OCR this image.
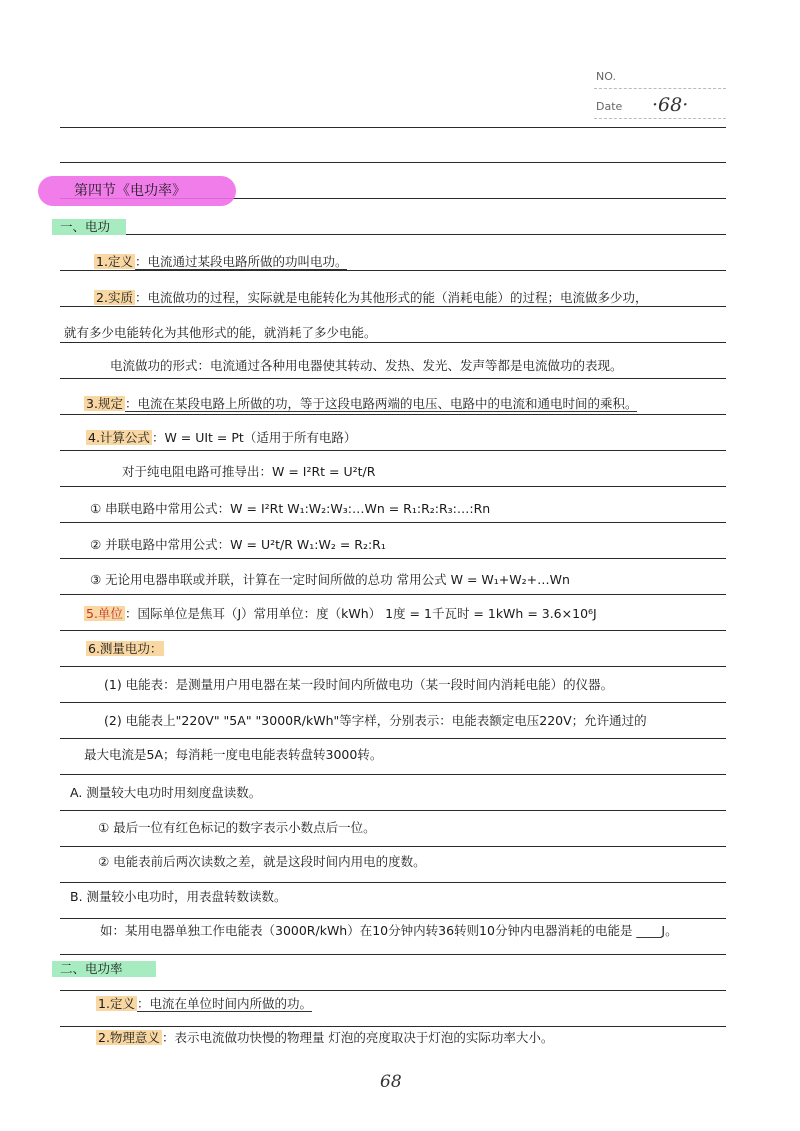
NO.
Date ·68·
第四节《电功率》
一、电功
1.定义 ：电流通过某段电路所做的功叫电功。
2.实质 ：电流做功的过程，实际就是电能转化为其他形式的能（消耗电能）的过程；电流做多少功，
就有多少电能转化为其他形式的能，就消耗了多少电能。
电流做功的形式：电流通过各种用电器使其转动、发热、发光、发声等都是电流做功的表现。
3.规定 ：电流在某段电路上所做的功，等于这段电路两端的电压、电路中的电流和通电时间的乘积。
4.计算公式 ：W = UIt = Pt（适用于所有电路）
对于纯电阻电路可推导出：W = I²Rt = U²t/R
① 串联电路中常用公式：W = I²Rt W₁:W₂:W₃:…Wn = R₁:R₂:R₃:…:Rn
② 并联电路中常用公式：W = U²t/R W₁:W₂ = R₂:R₁
③ 无论用电器串联或并联，计算在一定时间所做的总功 常用公式 W = W₁+W₂+…Wn
5.单位 ：国际单位是焦耳（J）常用单位：度（kWh） 1度 = 1千瓦时 = 1kWh = 3.6×10⁶J
6.测量电功：
(1) 电能表：是测量用户用电器在某一段时间内所做电功（某一段时间内消耗电能）的仪器。
(2) 电能表上"220V" "5A" "3000R/kWh"等字样，分别表示：电能表额定电压220V；允许通过的
最大电流是5A；每消耗一度电电能表转盘转3000转。
A. 测量较大电功时用刻度盘读数。
① 最后一位有红色标记的数字表示小数点后一位。
② 电能表前后两次读数之差，就是这段时间内用电的度数。
B. 测量较小电功时，用表盘转数读数。
如：某用电器单独工作电能表（3000R/kWh）在10分钟内转36转则10分钟内电器消耗的电能是 ____J。
二、电功率
1.定义 ：电流在单位时间内所做的功。
2.物理意义 ：表示电流做功快慢的物理量 灯泡的亮度取决于灯泡的实际功率大小。
68
